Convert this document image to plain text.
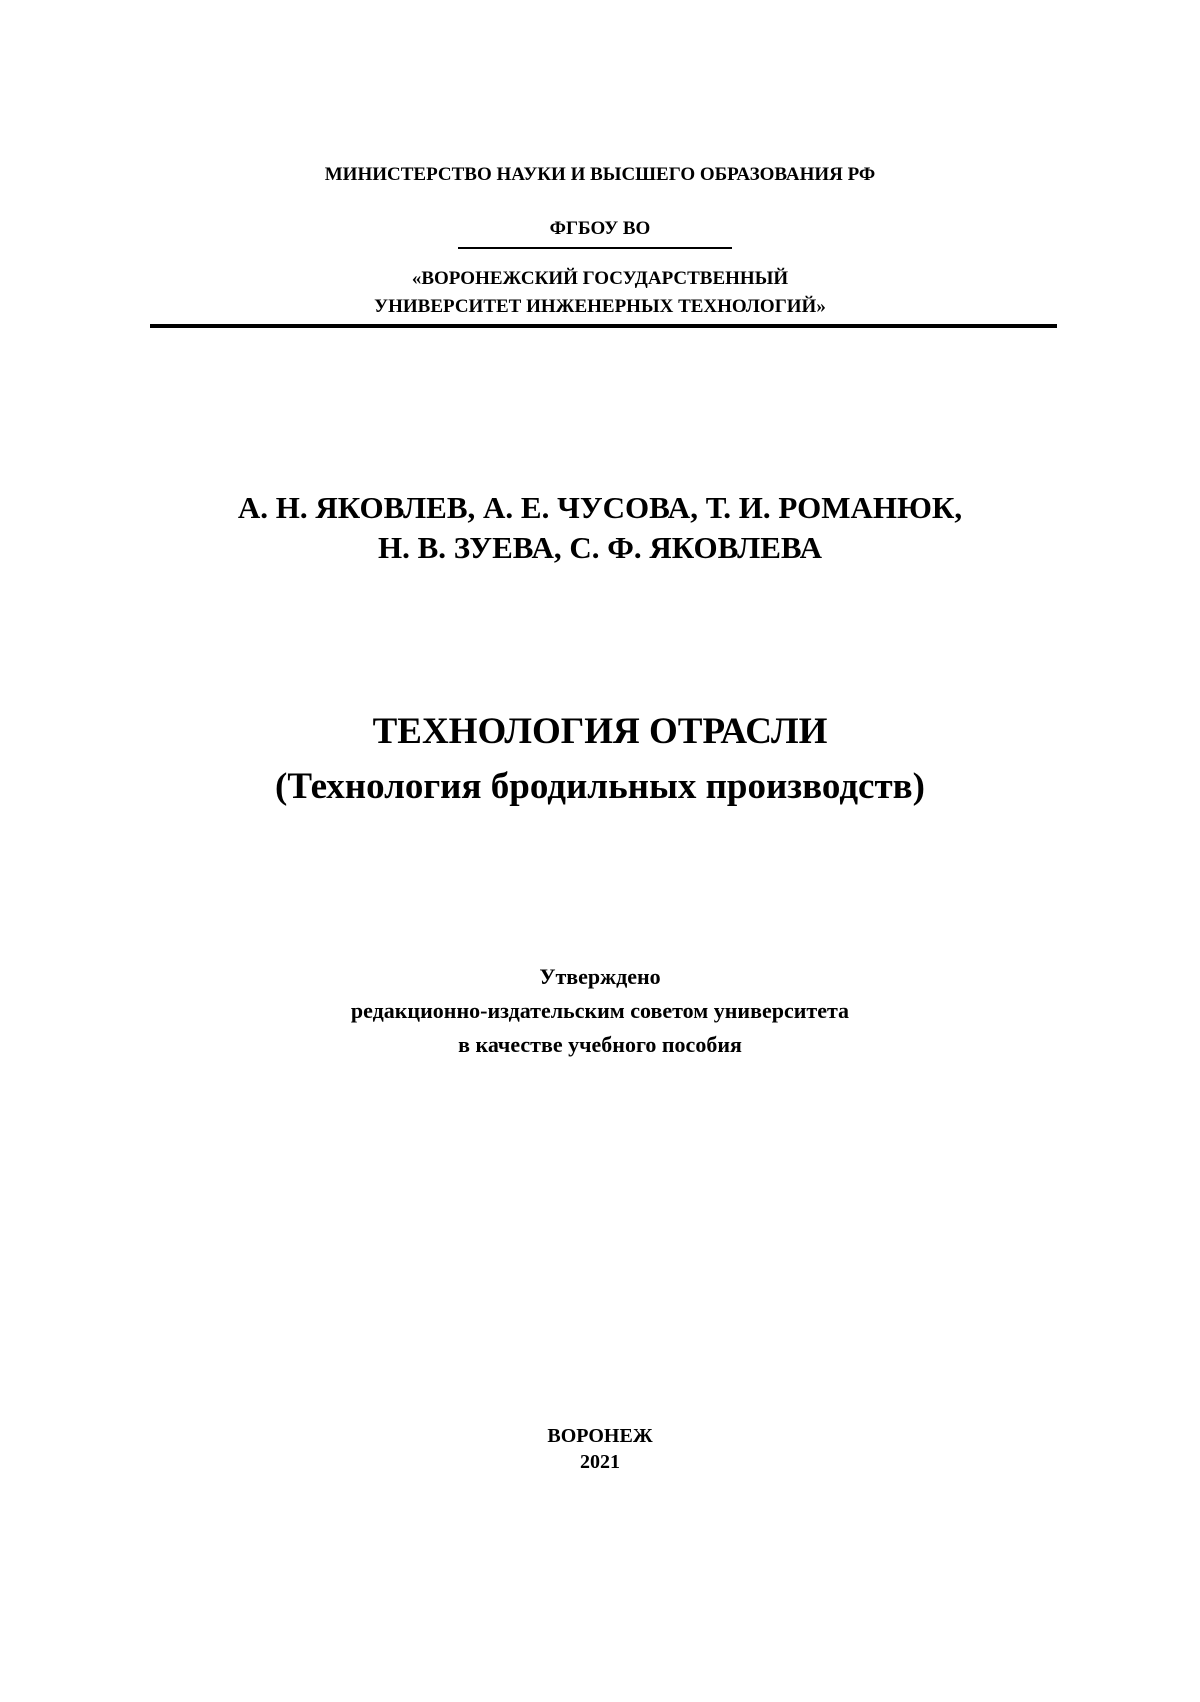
МИНИСТЕРСТВО НАУКИ И ВЫСШЕГО ОБРАЗОВАНИЯ РФ
ФГБОУ ВО
«ВОРОНЕЖСКИЙ ГОСУДАРСТВЕННЫЙ
УНИВЕРСИТЕТ ИНЖЕНЕРНЫХ ТЕХНОЛОГИЙ»
А. Н. ЯКОВЛЕВ, А. Е. ЧУСОВА, Т. И. РОМАНЮК,
Н. В. ЗУЕВА, С. Ф. ЯКОВЛЕВА
ТЕХНОЛОГИЯ ОТРАСЛИ
(Технология бродильных производств)
Утверждено
редакционно-издательским советом университета
в качестве учебного пособия
ВОРОНЕЖ
2021
